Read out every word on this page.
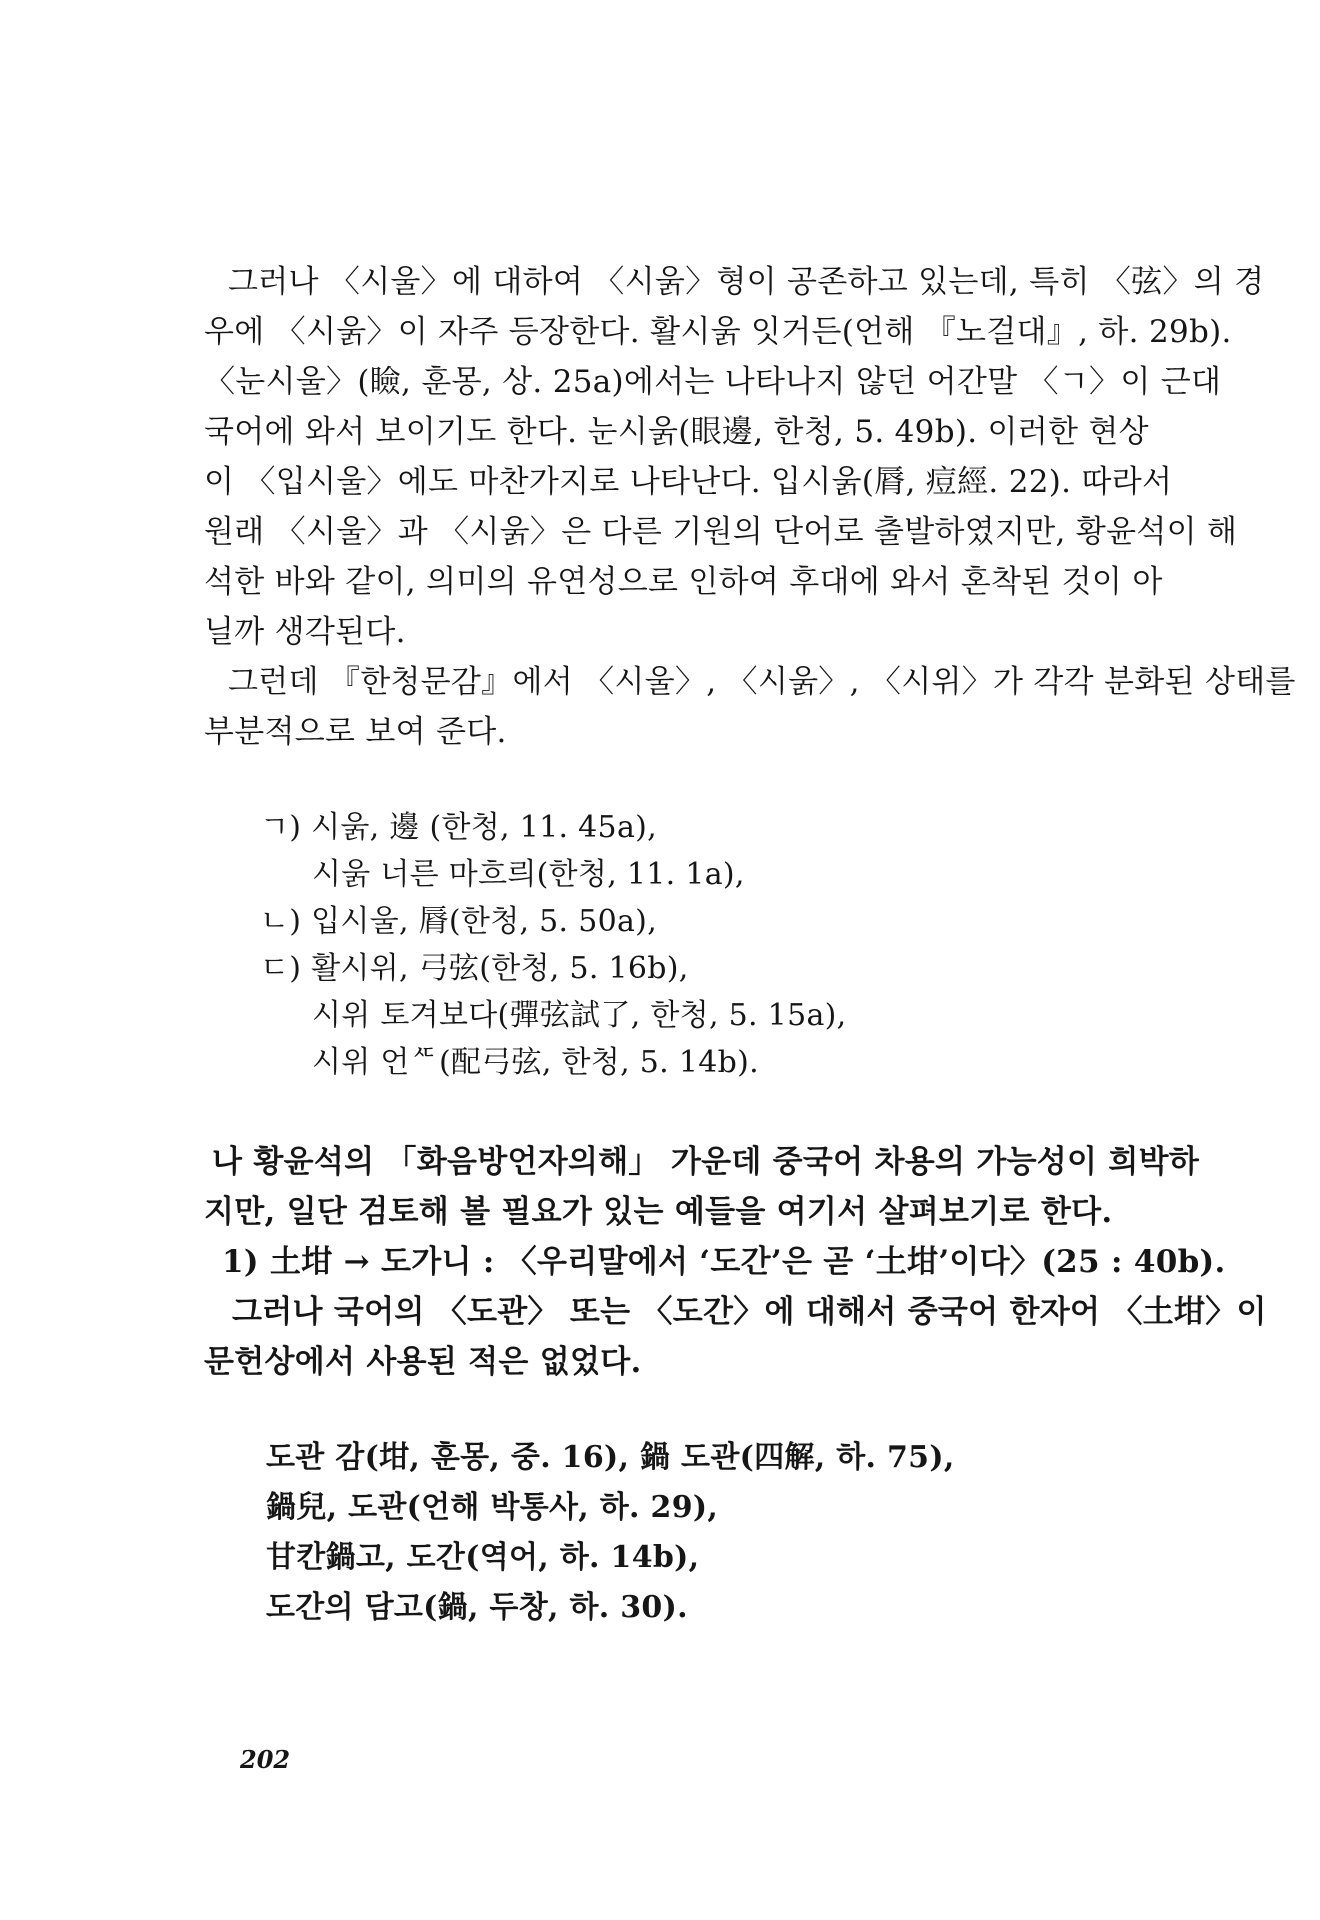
그러나 〈시울〉에 대하여 〈시욹〉형이 공존하고 있는데, 특히 〈弦〉의 경
우에 〈시욹〉이 자주 등장한다. 활시욹 잇거든(언해 『노걸대』, 하. 29b).
〈눈시울〉(瞼, 훈몽, 상. 25a)에서는 나타나지 않던 어간말 〈ㄱ〉이 근대
국어에 와서 보이기도 한다. 눈시욹(眼邊, 한청, 5. 49b). 이러한 현상
이 〈입시울〉에도 마찬가지로 나타난다. 입시욹(脣, 痘經. 22). 따라서
원래 〈시울〉과 〈시욹〉은 다른 기원의 단어로 출발하였지만, 황윤석이 해
석한 바와 같이, 의미의 유연성으로 인하여 후대에 와서 혼착된 것이 아
닐까 생각된다.
그런데 『한청문감』에서 〈시울〉, 〈시욹〉, 〈시위〉가 각각 분화된 상태를
부분적으로 보여 준다.
ㄱ) 시욹, 邊 (한청, 11. 45a),
시욹 너른 마흐릐(한청, 11. 1a),
ㄴ) 입시울, 脣(한청, 5. 50a),
ㄷ) 활시위, 弓弦(한청, 5. 16b),
시위 토겨보다(彈弦試了, 한청, 5. 15a),
시위 언ᄯ(配弓弦, 한청, 5. 14b).
나 황윤석의 「화음방언자의해」 가운데 중국어 차용의 가능성이 희박하
지만, 일단 검토해 볼 필요가 있는 예들을 여기서 살펴보기로 한다.
1) 土坩 → 도가니 : 〈우리말에서 ‘도간’은 곧 ‘土坩’이다〉(25 : 40b).
그러나 국어의 〈도관〉 또는 〈도간〉에 대해서 중국어 한자어 〈土坩〉이
문헌상에서 사용된 적은 없었다.
도관 감(坩, 훈몽, 중. 16), 鍋 도관(四解, 하. 75),
鍋兒, 도관(언해 박통사, 하. 29),
甘칸鍋고, 도간(역어, 하. 14b),
도간의 담고(鍋, 두창, 하. 30).
202
